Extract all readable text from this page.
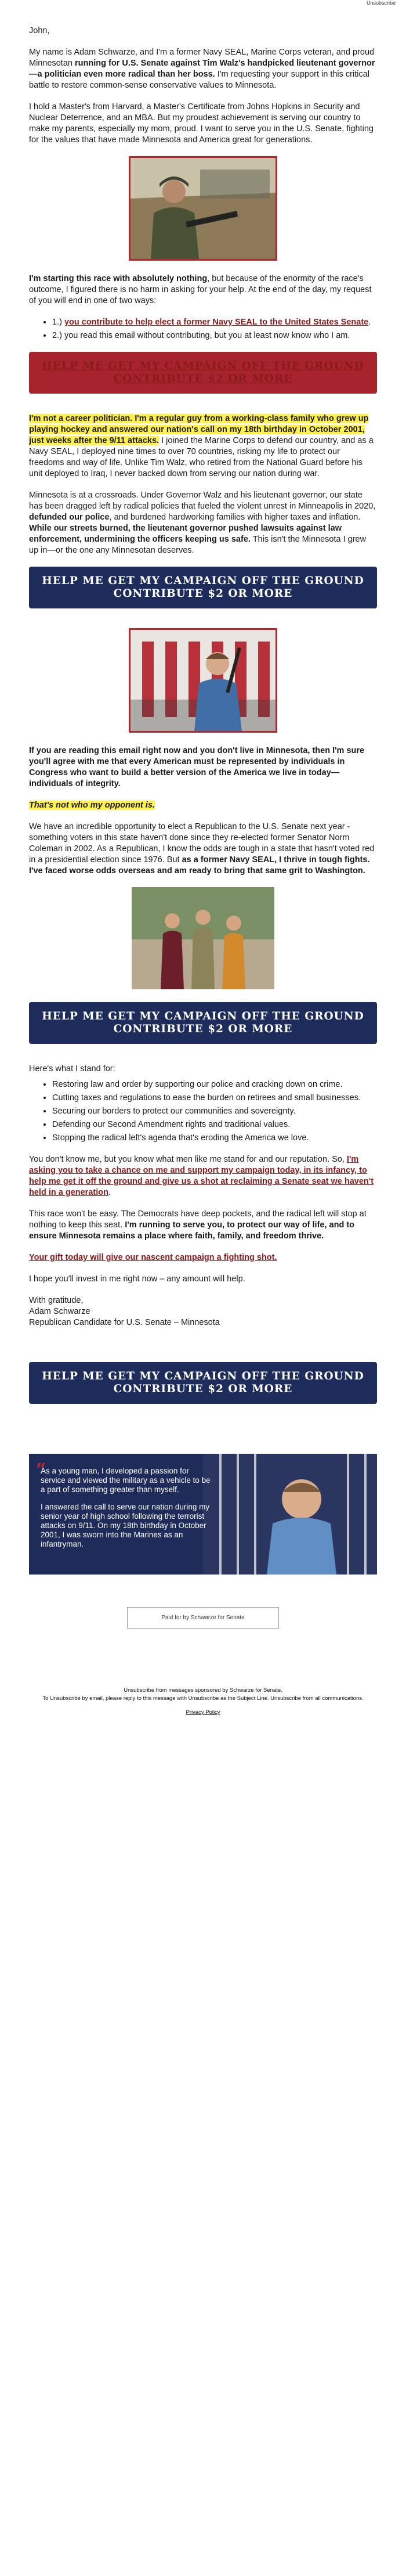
Unsubscribe

John,

My name is Adam Schwarze, and I'm a former Navy SEAL, Marine Corps veteran, and proud Minnesotan running for U.S. Senate against Tim Walz's handpicked lieutenant governor—a politician even more radical than her boss. I'm requesting your support in this critical battle to restore common-sense conservative values to Minnesota.

I hold a Master's from Harvard, a Master's Certificate from Johns Hopkins in Security and Nuclear Deterrence, and an MBA. But my proudest achievement is serving our country to make my parents, especially my mom, proud. I want to serve you in the U.S. Senate, fighting for the values that have made Minnesota and America great for generations.

I'm starting this race with absolutely nothing, but because of the enormity of the race's outcome, I figured there is no harm in asking for your help. At the end of the day, my request of you will end in one of two ways:

• 1.) you contribute to help elect a former Navy SEAL to the United States Senate.
• 2.) you read this email without contributing, but you at least now know who I am.
HELP ME GET MY CAMPAIGN OFF THE GROUND
CONTRIBUTE $2 OR MORE

I'm not a career politician. I'm a regular guy from a working-class family who grew up playing hockey and answered our nation's call on my 18th birthday in October 2001, just weeks after the 9/11 attacks. I joined the Marine Corps to defend our country, and as a Navy SEAL, I deployed nine times to over 70 countries, risking my life to protect our freedoms and way of life. Unlike Tim Walz, who retired from the National Guard before his unit deployed to Iraq, I never backed down from serving our nation during war.

Minnesota is at a crossroads. Under Governor Walz and his lieutenant governor, our state has been dragged left by radical policies that fueled the violent unrest in Minneapolis in 2020, defunded our police, and burdened hardworking families with higher taxes and inflation. While our streets burned, the lieutenant governor pushed lawsuits against law enforcement, undermining the officers keeping us safe. This isn't the Minnesota I grew up in—or the one any Minnesotan deserves.

HELP ME GET MY CAMPAIGN OFF THE GROUND
CONTRIBUTE $2 OR MORE

If you are reading this email right now and you don't live in Minnesota, then I'm sure you'll agree with me that every American must be represented by individuals in Congress who want to build a better version of the America we live in today—individuals of integrity.

That's not who my opponent is.

We have an incredible opportunity to elect a Republican to the U.S. Senate next year - something voters in this state haven't done since they re-elected former Senator Norm Coleman in 2002. As a Republican, I know the odds are tough in a state that hasn't voted red in a presidential election since 1976. But as a former Navy SEAL, I thrive in tough fights. I've faced worse odds overseas and am ready to bring that same grit to Washington.

HELP ME GET MY CAMPAIGN OFF THE GROUND
CONTRIBUTE $2 OR MORE

Here's what I stand for:

• Restoring law and order by supporting our police and cracking down on crime.
• Cutting taxes and regulations to ease the burden on retirees and small businesses.
• Securing our borders to protect our communities and sovereignty.
• Defending our Second Amendment rights and traditional values.
• Stopping the radical left's agenda that's eroding the America we love.

You don't know me, but you know what men like me stand for and our reputation. So, I'm asking you to take a chance on me and support my campaign today, in its infancy, to help me get it off the ground and give us a shot at reclaiming a Senate seat we haven't held in a generation.

This race won't be easy. The Democrats have deep pockets, and the radical left will stop at nothing to keep this seat. I'm running to serve you, to protect our way of life, and to ensure Minnesota remains a place where faith, family, and freedom thrive.

Your gift today will give our nascent campaign a fighting shot.

I hope you'll invest in me right now – any amount will help.

With gratitude,
Adam Schwarze
Republican Candidate for U.S. Senate – Minnesota

HELP ME GET MY CAMPAIGN OFF THE GROUND
CONTRIBUTE $2 OR MORE
“
As a young man, I developed a passion for service and viewed the military as a vehicle to be a part of something greater than myself.
I answered the call to serve our nation during my senior year of high school following the terrorist attacks on 9/11. On my 18th birthday in October 2001, I was sworn into the Marines as an infantryman.
Paid for by Schwarze for Senate
Unsubscribe from messages sponsored by Schwarze for Senate.
To Unsubscribe by email, please reply to this message with Unsubscribe as the Subject Line. Unsubscribe from all communications.
Privacy Policy
